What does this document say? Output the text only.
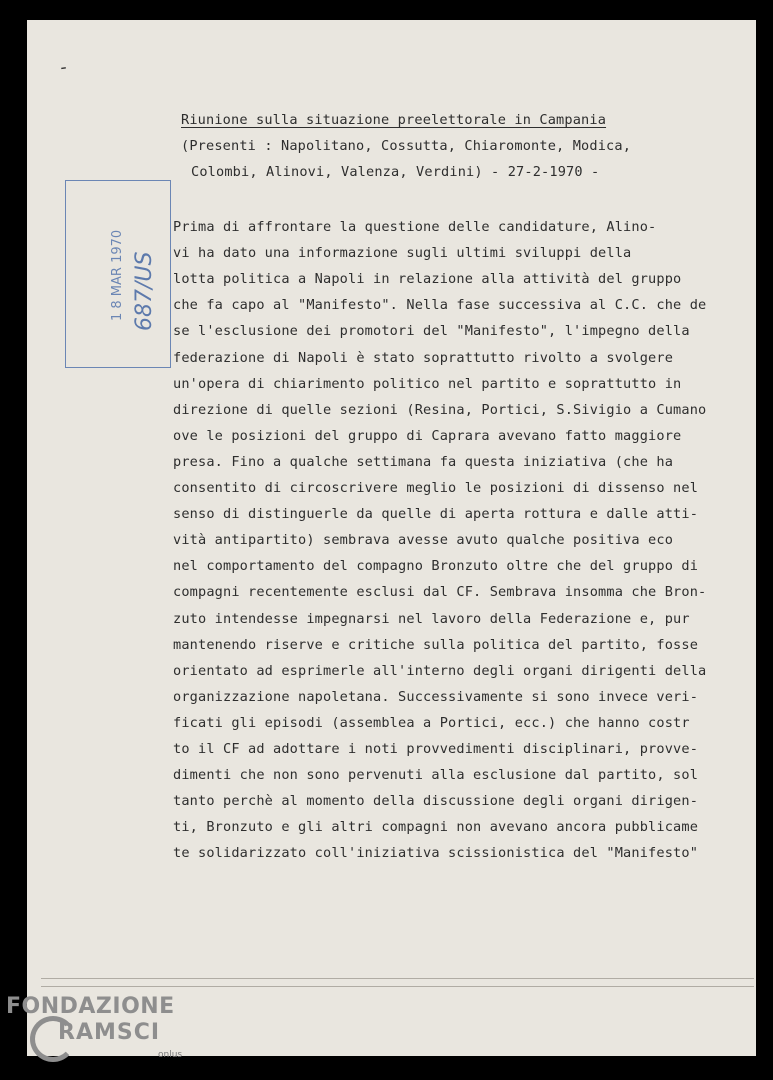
-
1 8 MAR 1970 687/US
Riunione sulla situazione preelettorale in Campania
(Presenti : Napolitano, Cossutta, Chiaromonte, Modica,
Colombi, Alinovi, Valenza, Verdini) - 27-2-1970 -
Prima di affrontare la questione delle candidature, Alino-
vi ha dato una informazione sugli ultimi sviluppi della
lotta politica a Napoli in relazione alla attività del gruppo
che fa capo al "Manifesto". Nella fase successiva al C.C. che de
se l'esclusione dei promotori del "Manifesto", l'impegno della
federazione di Napoli è stato soprattutto rivolto a svolgere
un'opera di chiarimento politico nel partito e soprattutto in
direzione di quelle sezioni (Resina, Portici, S.Sivigio a Cumano
ove le posizioni del gruppo di Caprara avevano fatto maggiore
presa. Fino a qualche settimana fa questa iniziativa (che ha
consentito di circoscrivere meglio le posizioni di dissenso nel
senso di distinguerle da quelle di aperta rottura e dalle atti-
vità antipartito) sembrava avesse avuto qualche positiva eco
nel comportamento del compagno Bronzuto oltre che del gruppo di
compagni recentemente esclusi dal CF. Sembrava insomma che Bron-
zuto intendesse impegnarsi nel lavoro della Federazione e, pur
mantenendo riserve e critiche sulla politica del partito, fosse
orientato ad esprimerle all'interno degli organi dirigenti della
organizzazione napoletana. Successivamente si sono invece veri-
ficati gli episodi (assemblea a Portici, ecc.) che hanno costr
to il CF ad adottare i noti provvedimenti disciplinari, provve-
dimenti che non sono pervenuti alla esclusione dal partito, sol
tanto perchè al momento della discussione degli organi dirigen-
ti, Bronzuto e gli altri compagni non avevano ancora pubblicame
te solidarizzato coll'iniziativa scissionistica del "Manifesto"
FONDAZIONE
RAMSCI
onlus
